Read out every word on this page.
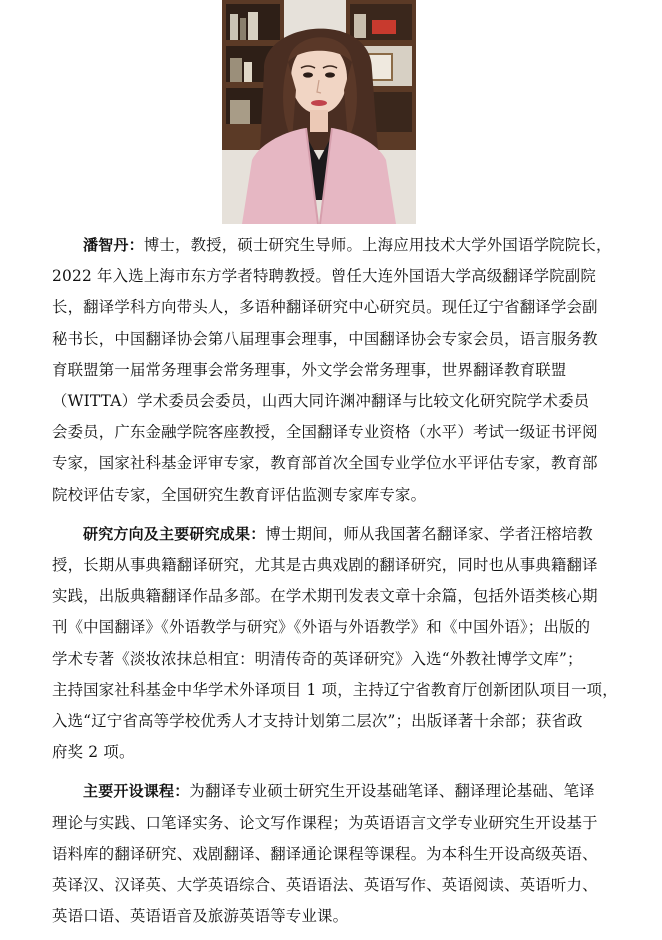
潘智丹：博士，教授，硕士研究生导师。上海应用技术大学外国语学院院长，
2022 年入选上海市东方学者特聘教授。曾任大连外国语大学高级翻译学院副院
长，翻译学科方向带头人，多语种翻译研究中心研究员。现任辽宁省翻译学会副
秘书长，中国翻译协会第八届理事会理事，中国翻译协会专家会员，语言服务教
育联盟第一届常务理事会常务理事，外文学会常务理事，世界翻译教育联盟
（WITTA）学术委员会委员，山西大同许渊冲翻译与比较文化研究院学术委员
会委员，广东金融学院客座教授，全国翻译专业资格（水平）考试一级证书评阅
专家，国家社科基金评审专家，教育部首次全国专业学位水平评估专家，教育部
院校评估专家，全国研究生教育评估监测专家库专家。

研究方向及主要研究成果：博士期间，师从我国著名翻译家、学者汪榕培教
授，长期从事典籍翻译研究，尤其是古典戏剧的翻译研究，同时也从事典籍翻译
实践，出版典籍翻译作品多部。在学术期刊发表文章十余篇，包括外语类核心期
刊《中国翻译》《外语教学与研究》《外语与外语教学》和《中国外语》；出版的
学术专著《淡妆浓抹总相宜：明清传奇的英译研究》入选“外教社博学文库”；
主持国家社科基金中华学术外译项目 1 项，主持辽宁省教育厅创新团队项目一项，
入选“辽宁省高等学校优秀人才支持计划第二层次”；出版译著十余部；获省政
府奖 2 项。

主要开设课程：为翻译专业硕士研究生开设基础笔译、翻译理论基础、笔译
理论与实践、口笔译实务、论文写作课程；为英语语言文学专业研究生开设基于
语料库的翻译研究、戏剧翻译、翻译通论课程等课程。为本科生开设高级英语、
英译汉、汉译英、大学英语综合、英语语法、英语写作、英语阅读、英语听力、
英语口语、英语语音及旅游英语等专业课。
